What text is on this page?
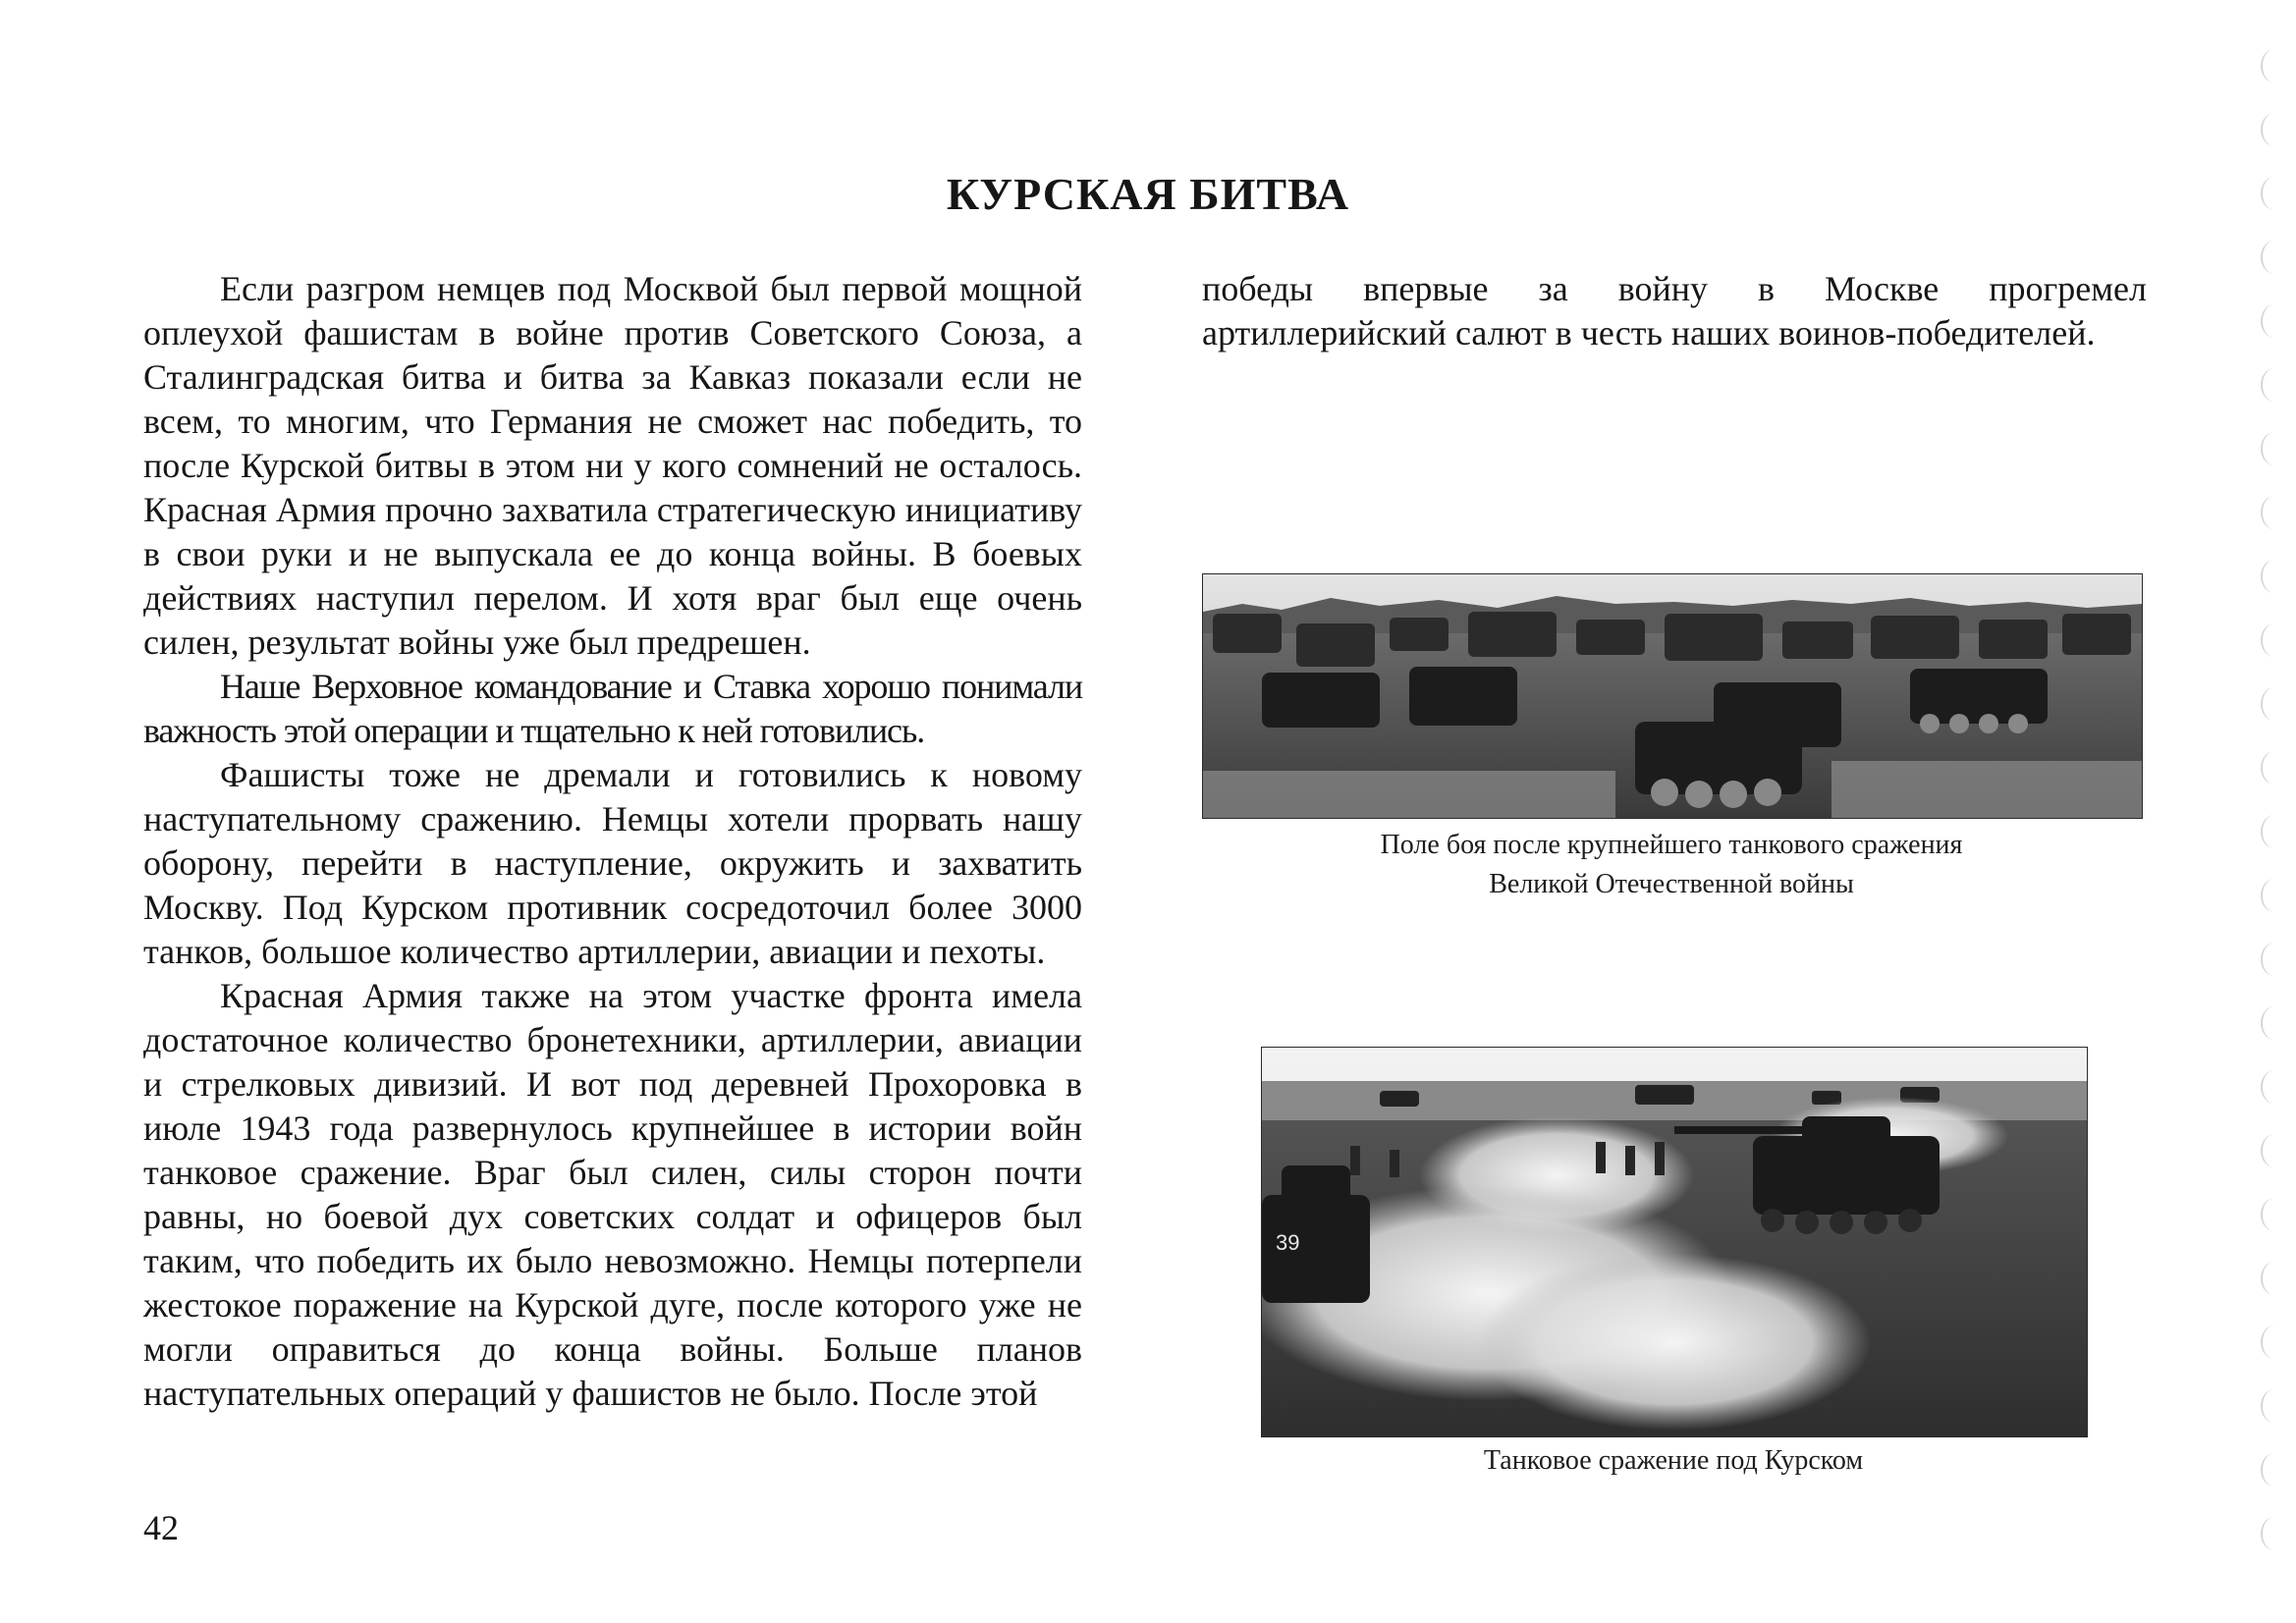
КУРСКАЯ БИТВА

Если разгром немцев под Москвой был первой мощной оплеухой фашистам в войне против Советского Союза, а Сталинградская битва и битва за Кавказ показали если не всем, то многим, что Германия не сможет нас победить, то после Курской битвы в этом ни у кого сомнений не осталось. Красная Армия прочно захватила стратегическую инициативу в свои руки и не выпускала ее до конца войны. В боевых действиях наступил перелом. И хотя враг был еще очень силен, результат войны уже был предрешен.

Наше Верховное командование и Ставка хорошо понимали важность этой операции и тщательно к ней готовились.

Фашисты тоже не дремали и готовились к новому наступательному сражению. Немцы хотели прорвать нашу оборону, перейти в наступление, окружить и захватить Москву. Под Курском противник сосредоточил более 3000 танков, большое количество артиллерии, авиации и пехоты.

Красная Армия также на этом участке фронта имела достаточное количество бронетехники, артиллерии, авиации и стрелковых дивизий. И вот под деревней Прохоровка в июле 1943 года развернулось крупнейшее в истории войн танковое сражение. Враг был силен, силы сторон почти равны, но боевой дух советских солдат и офицеров был таким, что победить их было невозможно. Немцы потерпели жестокое поражение на Курской дуге, после которого уже не могли оправиться до конца войны. Больше планов наступательных операций у фашистов не было. После этой

победы впервые за войну в Москве прогремел артиллерийский салют в честь наших воинов-победителей.

Поле боя после крупнейшего танкового сражения
Великой Отечественной войны
39
Танковое сражение под Курском
42
